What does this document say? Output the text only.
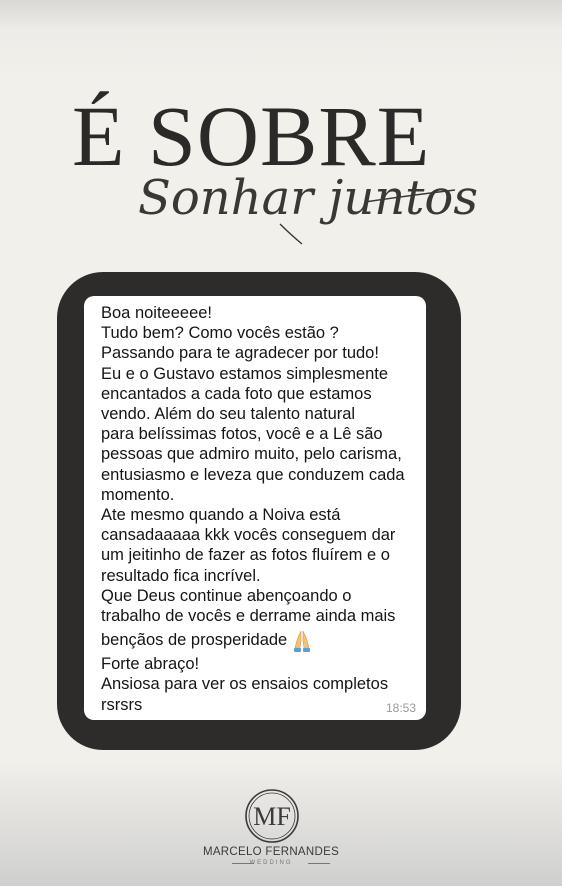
É SOBRE
Sonhar juntos
Boa noiteeeee!
Tudo bem? Como vocês estão ?
Passando para te agradecer por tudo!
Eu e o Gustavo estamos simplesmente
encantados a cada foto que estamos
vendo. Além do seu talento natural
para belíssimas fotos, você e a Lê são
pessoas que admiro muito, pelo carisma,
entusiasmo e leveza que conduzem cada
momento.
Ate mesmo quando a Noiva está
cansadaaaaa kkk vocês conseguem dar
um jeitinho de fazer as fotos fluírem e o
resultado fica incrível.
Que Deus continue abençoando o
trabalho de vocês e derrame ainda mais
bençãos de prosperidade
Forte abraço!
Ansiosa para ver os ensaios completos
rsrsrs	18:53
MF
MARCELO FERNANDES
WEDDING
